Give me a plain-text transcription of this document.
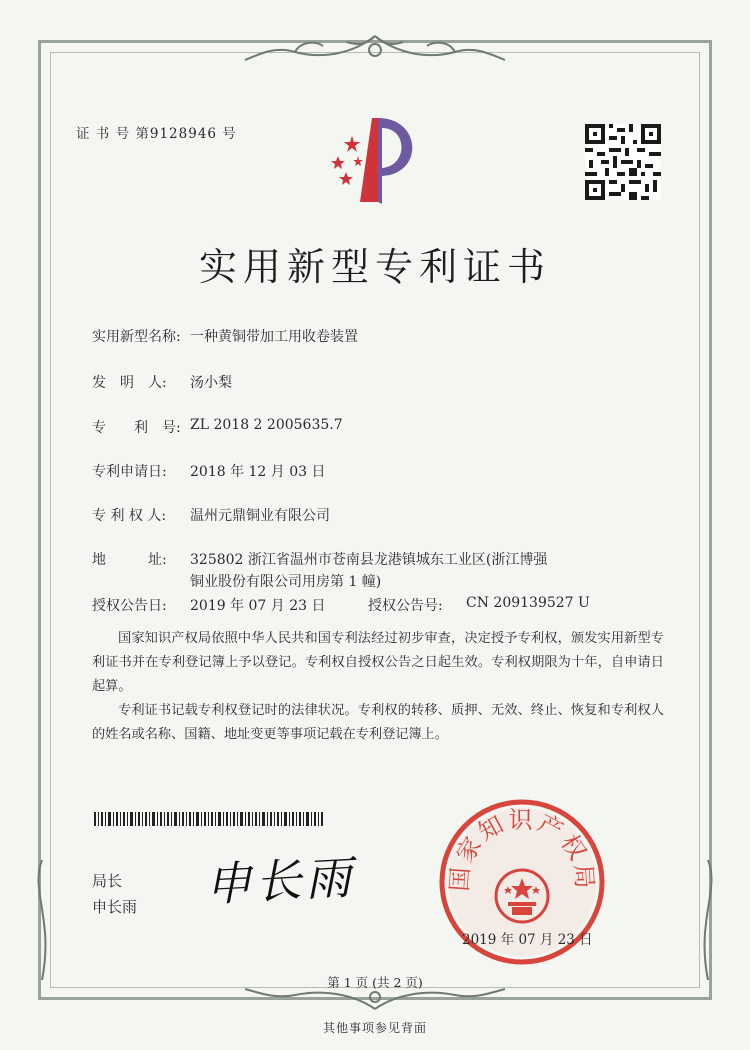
证 书 号 第9128946 号
实用新型专利证书
实用新型名称: 一种黄铜带加工用收卷装置
发　明　人: 汤小梨
专　　利　号: ZL 2018 2 2005635.7
专利申请日: 2018 年 12 月 03 日
专 利 权 人: 温州元鼎铜业有限公司
地　　　址: 325802 浙江省温州市苍南县龙港镇城东工业区(浙江博强
铜业股份有限公司用房第 1 幢)
授权公告日: 2019 年 07 月 23 日	授权公告号: CN 209139527 U
国家知识产权局依照中华人民共和国专利法经过初步审查，决定授予专利权，颁发实用新型专利证书并在专利登记簿上予以登记。专利权自授权公告之日起生效。专利权期限为十年，自申请日起算。
专利证书记载专利权登记时的法律状况。专利权的转移、质押、无效、终止、恢复和专利权人的姓名或名称、国籍、地址变更等事项记载在专利登记簿上。
局长
申长雨 申长雨	国家知识产权局
2019 年 07 月 23 日
第 1 页 (共 2 页)
其他事项参见背面
